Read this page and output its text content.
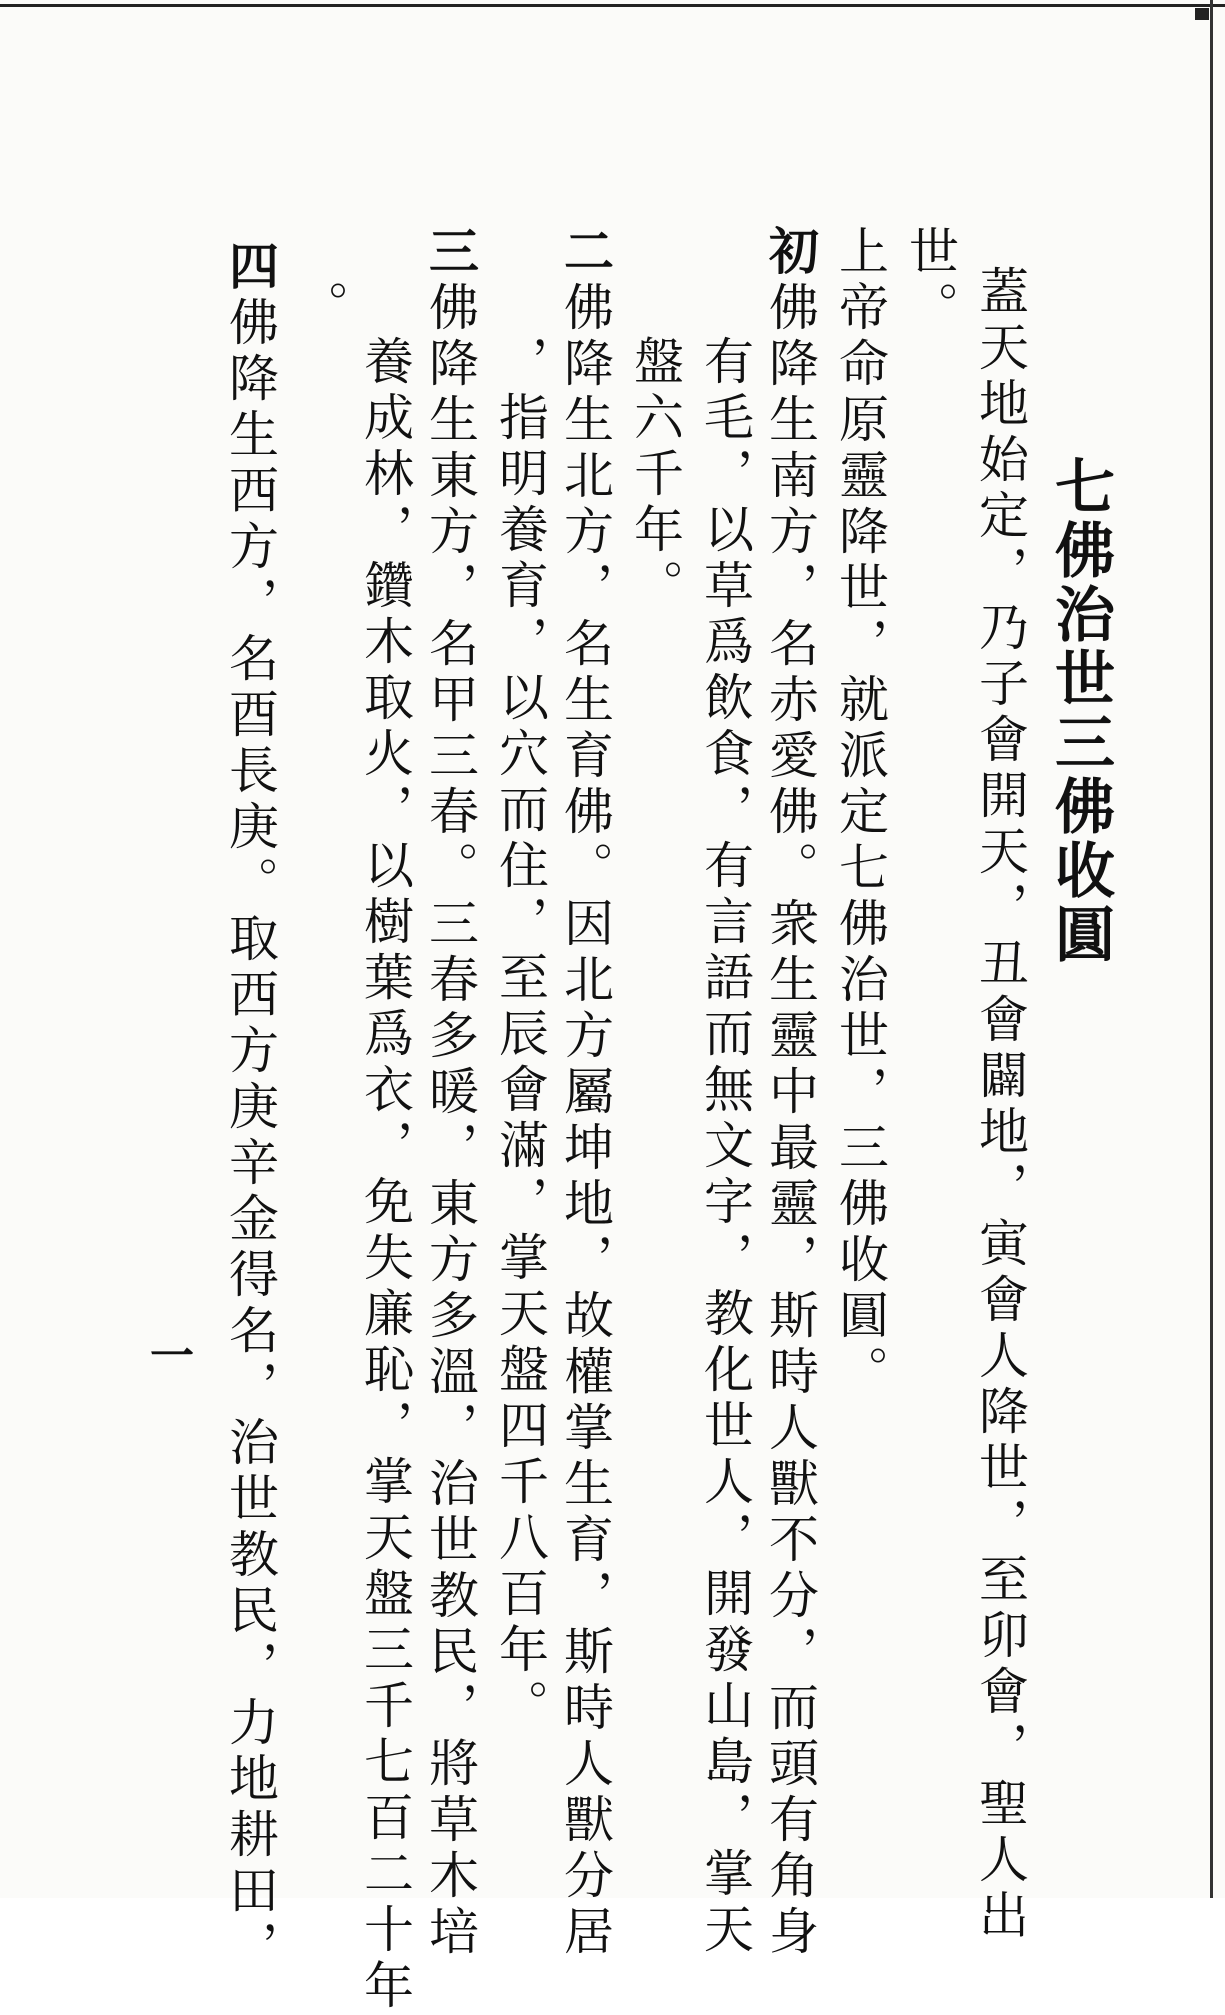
七佛治世三佛收圓
蓋天地始定，乃子會開天，丑會闢地，寅會人降世，至卯會，聖人出
世。
上帝命原靈降世，就派定七佛治世，三佛收圓。
初佛降生南方，名赤愛佛。衆生靈中最靈，斯時人獸不分，而頭有角身
有毛，以草爲飲食，有言語而無文字，教化世人，開發山島，掌天
盤六千年。
二佛降生北方，名生育佛。因北方屬坤地，故權掌生育，斯時人獸分居
，指明養育，以穴而住，至辰會滿，掌天盤四千八百年。
三佛降生東方，名甲三春。三春多暖，東方多溫，治世教民，將草木培
養成林，鑽木取火，以樹葉爲衣，免失廉恥，掌天盤三千七百二十年
。
四佛降生西方，名酉長庚。取西方庚辛金得名，治世教民，力地耕田，
一
